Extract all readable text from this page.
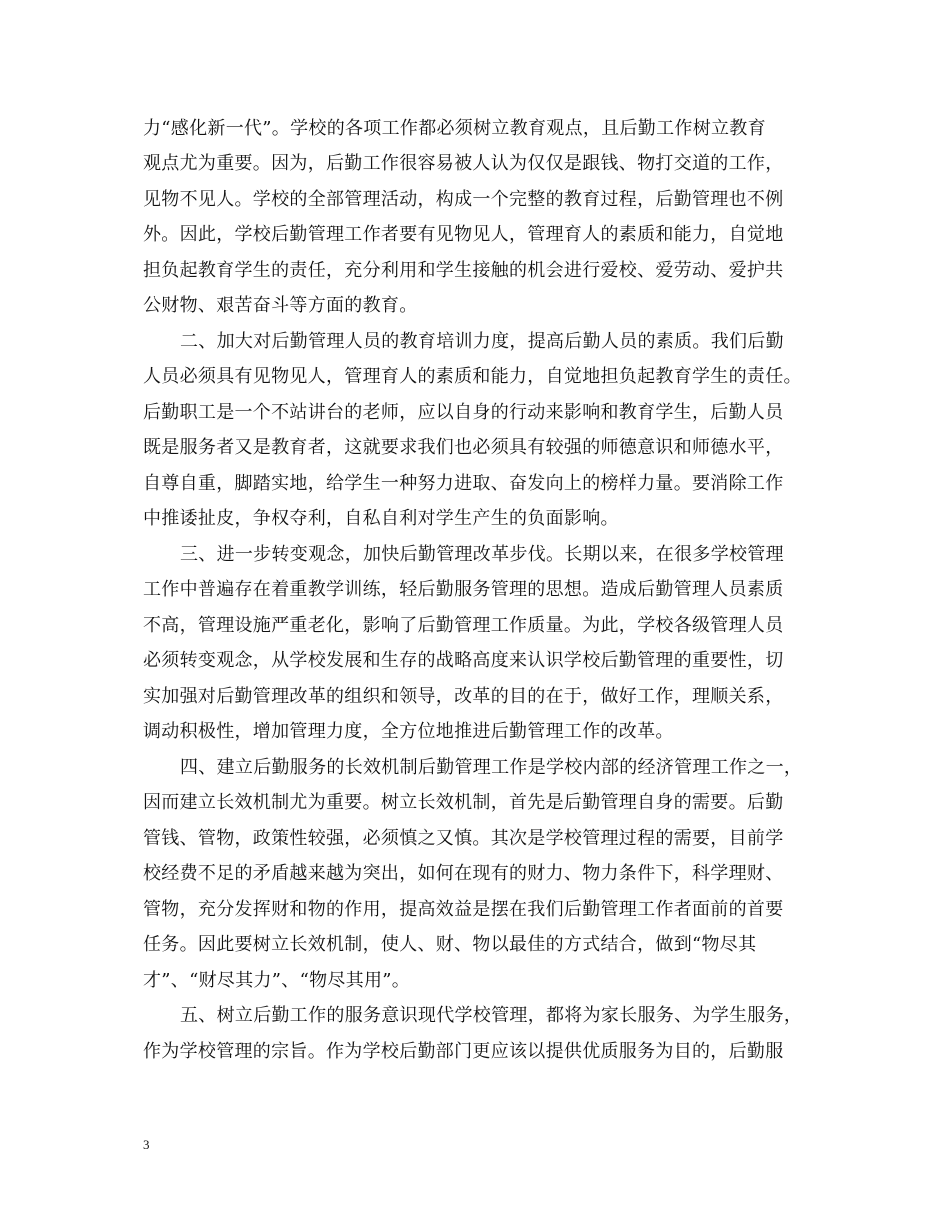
力“感化新一代”。学校的各项工作都必须树立教育观点，且后勤工作树立教育
观点尤为重要。因为，后勤工作很容易被人认为仅仅是跟钱、物打交道的工作，
见物不见人。学校的全部管理活动，构成一个完整的教育过程，后勤管理也不例
外。因此，学校后勤管理工作者要有见物见人，管理育人的素质和能力，自觉地
担负起教育学生的责任，充分利用和学生接触的机会进行爱校、爱劳动、爱护共
公财物、艰苦奋斗等方面的教育。
二、加大对后勤管理人员的教育培训力度，提高后勤人员的素质。我们后勤
人员必须具有见物见人，管理育人的素质和能力，自觉地担负起教育学生的责任。
后勤职工是一个不站讲台的老师，应以自身的行动来影响和教育学生，后勤人员
既是服务者又是教育者，这就要求我们也必须具有较强的师德意识和师德水平，
自尊自重，脚踏实地，给学生一种努力进取、奋发向上的榜样力量。要消除工作
中推诿扯皮，争权夺利，自私自利对学生产生的负面影响。
三、进一步转变观念，加快后勤管理改革步伐。长期以来，在很多学校管理
工作中普遍存在着重教学训练，轻后勤服务管理的思想。造成后勤管理人员素质
不高，管理设施严重老化，影响了后勤管理工作质量。为此，学校各级管理人员
必须转变观念，从学校发展和生存的战略高度来认识学校后勤管理的重要性，切
实加强对后勤管理改革的组织和领导，改革的目的在于，做好工作，理顺关系，
调动积极性，增加管理力度，全方位地推进后勤管理工作的改革。
四、建立后勤服务的长效机制后勤管理工作是学校内部的经济管理工作之一，
因而建立长效机制尤为重要。树立长效机制，首先是后勤管理自身的需要。后勤
管钱、管物，政策性较强，必须慎之又慎。其次是学校管理过程的需要，目前学
校经费不足的矛盾越来越为突出，如何在现有的财力、物力条件下，科学理财、
管物，充分发挥财和物的作用，提高效益是摆在我们后勤管理工作者面前的首要
任务。因此要树立长效机制，使人、财、物以最佳的方式结合，做到“物尽其
才”、“财尽其力”、“物尽其用”。
五、树立后勤工作的服务意识现代学校管理，都将为家长服务、为学生服务，
作为学校管理的宗旨。作为学校后勤部门更应该以提供优质服务为目的，后勤服
3
